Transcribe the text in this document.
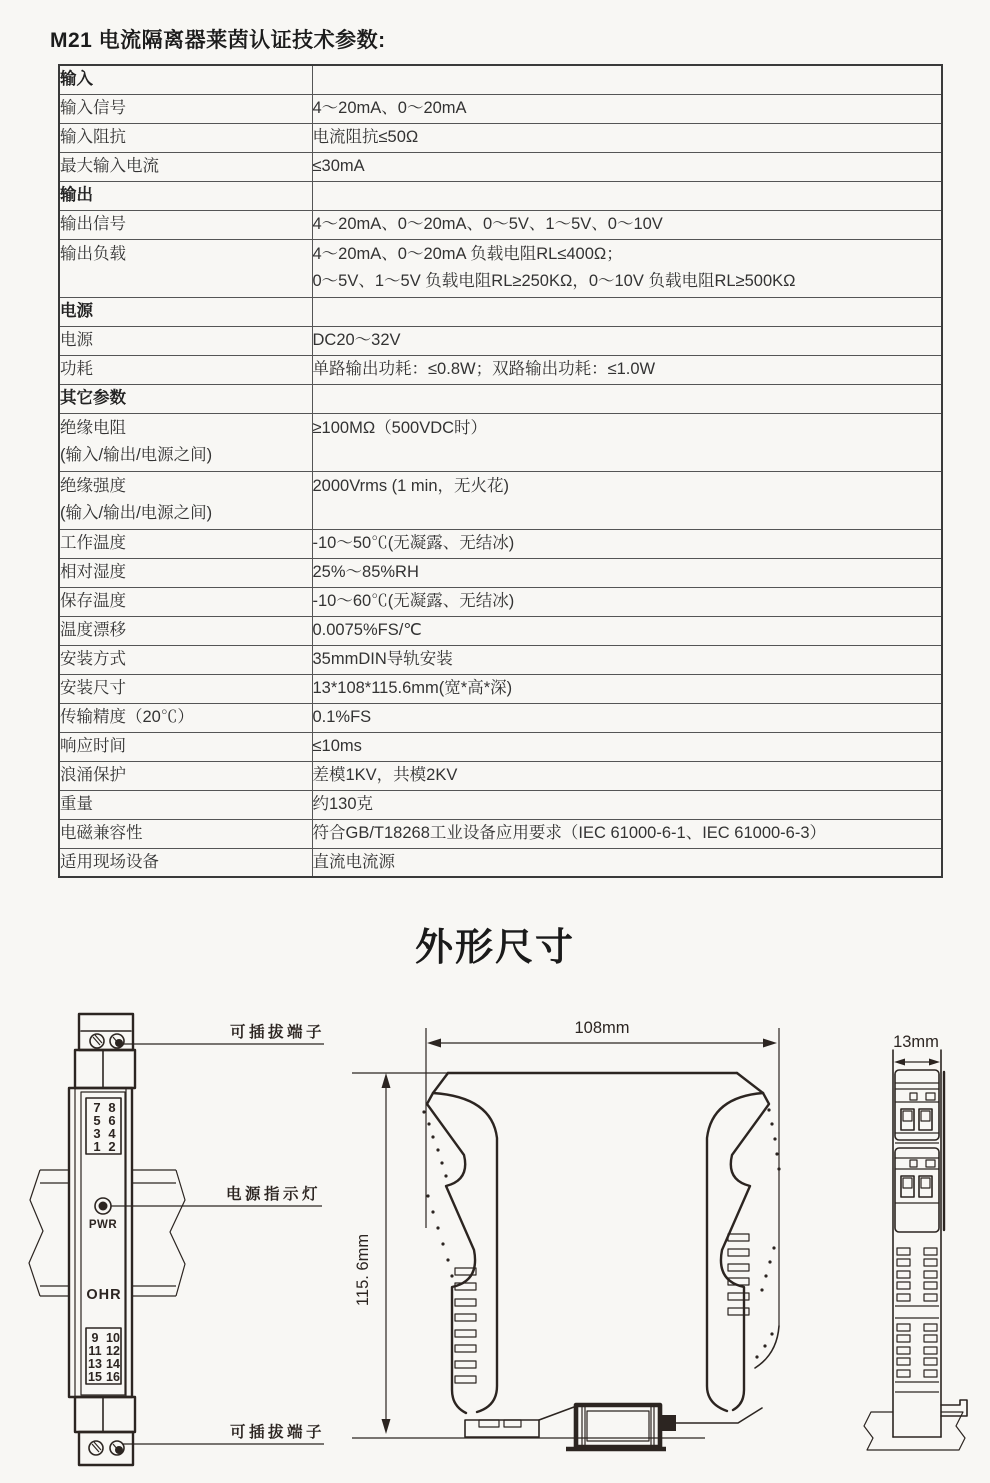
M21 电流隔离器莱茵认证技术参数:
输入	
输入信号	4～20mA、0～20mA
输入阻抗	电流阻抗≤50Ω
最大输入电流	≤30mA
输出	
输出信号	4～20mA、0～20mA、0～5V、1～5V、0～10V
输出负载	4～20mA、0～20mA 负载电阻RL≤400Ω；
0～5V、1～5V 负载电阻RL≥250KΩ，0～10V 负载电阻RL≥500KΩ

电源	
电源	DC20～32V
功耗	单路输出功耗：≤0.8W；双路输出功耗：≤1.0W
其它参数	

绝缘电阻
(输入/输出/电源之间)	≥100MΩ（500VDC时）

绝缘强度
(输入/输出/电源之间)	2000Vrms (1 min，无火花)
工作温度	-10～50℃(无凝露、无结冰)
相对湿度	25%～85%RH
保存温度	-10～60℃(无凝露、无结冰)
温度漂移	0.0075%FS/℃
安装方式	35mmDIN导轨安装
安装尺寸	13*108*115.6mm(宽*高*深)
传输精度（20℃）	0.1%FS
响应时间	≤10ms
浪涌保护	差模1KV，共模2KV
重量	约130克
电磁兼容性	符合GB/T18268工业设备应用要求（IEC 61000-6-1、IEC 61000-6-3）
适用现场设备	直流电流源
外形尺寸
7 8
5 6
3 4
1 2
PWR
OHR
9 10
11 12
13 14
15 16
可插拔端子
电源指示灯
可插拔端子
108mm
115. 6mm
13mm
